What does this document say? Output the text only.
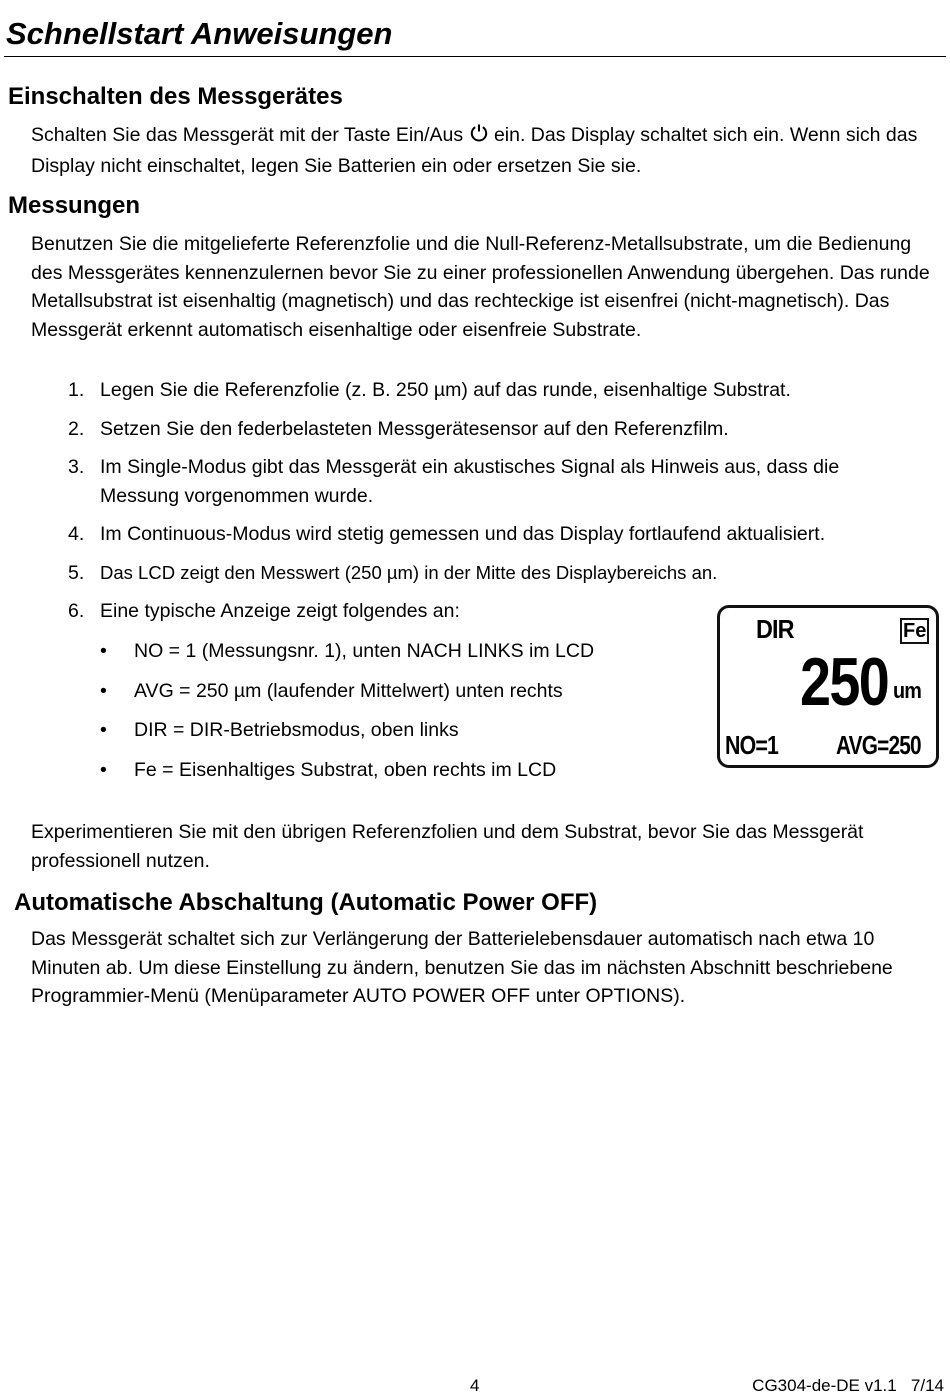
Schnellstart Anweisungen
Einschalten des Messgerätes

Schalten Sie das Messgerät mit der Taste Ein/Aus ein. Das Display schaltet sich ein. Wenn sich das Display nicht einschaltet, legen Sie Batterien ein oder ersetzen Sie sie.

Messungen

Benutzen Sie die mitgelieferte Referenzfolie und die Null-Referenz-Metallsubstrate, um die Bedienung des Messgerätes kennenzulernen bevor Sie zu einer professionellen Anwendung übergehen. Das runde Metallsubstrat ist eisenhaltig (magnetisch) und das rechteckige ist eisenfrei (nicht-magnetisch). Das Messgerät erkennt automatisch eisenhaltige oder eisenfreie Substrate.

1. Legen Sie die Referenzfolie (z. B. 250 µm) auf das runde, eisenhaltige Substrat.
2. Setzen Sie den federbelasteten Messgerätesensor auf den Referenzfilm.
3. Im Single-Modus gibt das Messgerät ein akustisches Signal als Hinweis aus, dass die Messung vorgenommen wurde.
4. Im Continuous-Modus wird stetig gemessen und das Display fortlaufend aktualisiert.
5. Das LCD zeigt den Messwert (250 µm) in der Mitte des Displaybereichs an.
6. Eine typische Anzeige zeigt folgendes an:
• NO = 1 (Messungsnr. 1), unten NACH LINKS im LCD
• AVG = 250 µm (laufender Mittelwert) unten rechts
• DIR = DIR-Betriebsmodus, oben links
• Fe = Eisenhaltiges Substrat, oben rechts im LCD
DIR	Fe
250 um
NO=1 AVG=250

Experimentieren Sie mit den übrigen Referenzfolien und dem Substrat, bevor Sie das Messgerät professionell nutzen.

Automatische Abschaltung (Automatic Power OFF)

Das Messgerät schaltet sich zur Verlängerung der Batterielebensdauer automatisch nach etwa 10 Minuten ab. Um diese Einstellung zu ändern, benutzen Sie das im nächsten Abschnitt beschriebene Programmier-Menü (Menüparameter AUTO POWER OFF unter OPTIONS).

4	CG304-de-DE v1.1   7/14
